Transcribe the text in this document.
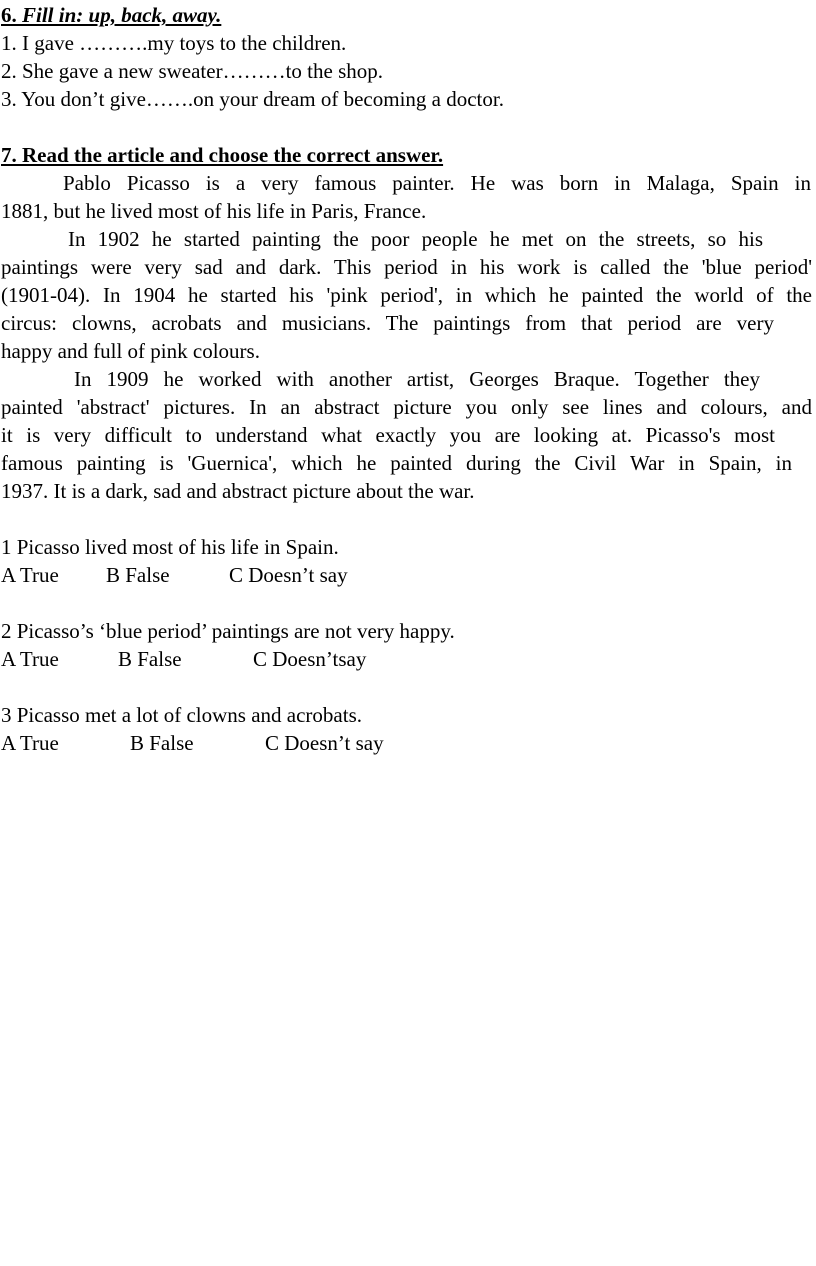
6. Fill in: up, back, away.
1. I gave ……….my toys to the children.
2. She gave a new sweater………to the shop.
3. You don’t give…….on your dream of becoming a doctor.
7. Read the article and choose the correct answer.
Pablo Picasso is a very famous painter. He was born in Malaga, Spain in
1881, but he lived most of his life in Paris, France.
In 1902 he started painting the poor people he met on the streets, so his
paintings were very sad and dark. This period in his work is called the 'blue period'
(1901-04). In 1904 he started his 'pink period', in which he painted the world of the
circus: clowns, acrobats and musicians. The paintings from that period are very
happy and full of pink colours.
In 1909 he worked with another artist, Georges Braque. Together they
painted 'abstract' pictures. In an abstract picture you only see lines and colours, and
it is very difficult to understand what exactly you are looking at. Picasso's most
famous painting is 'Guernica', which he painted during the Civil War in Spain, in
1937. It is a dark, sad and abstract picture about the war.
1 Picasso lived most of his life in Spain.
A True B False	C Doesn’t say
2 Picasso’s ‘blue period’ paintings are not very happy.
A True	B False	C Doesn’tsay
3 Picasso met a lot of clowns and acrobats.
A True	B False	C Doesn’t say
